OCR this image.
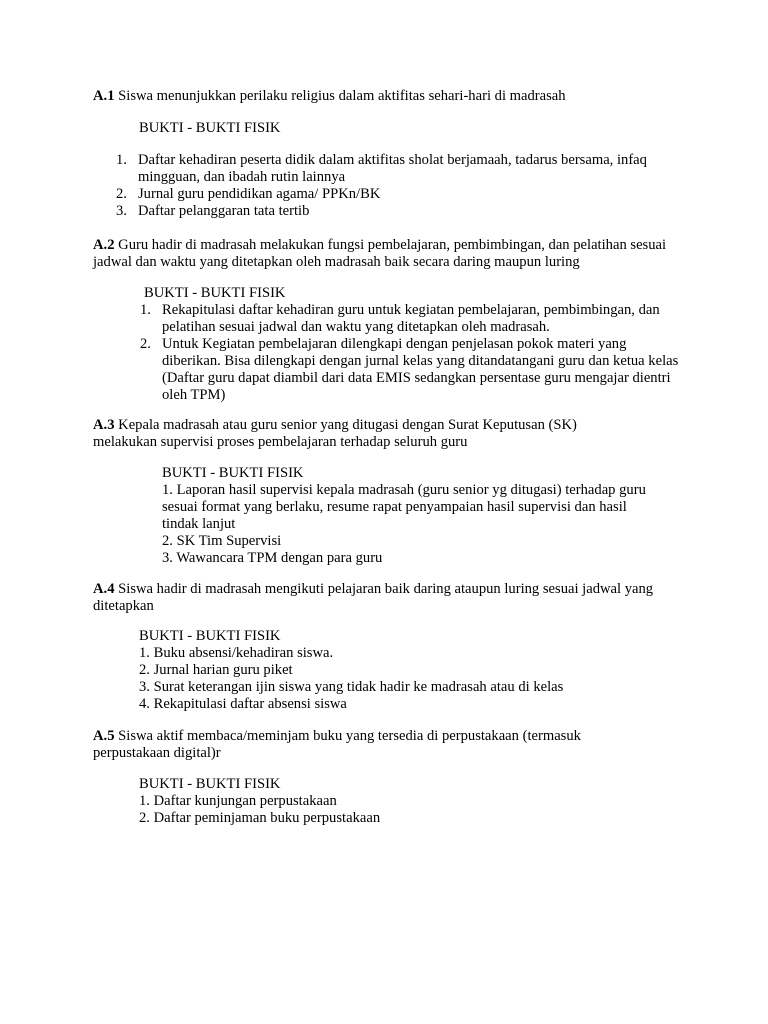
A.1 Siswa menunjukkan perilaku religius dalam aktifitas sehari-hari di madrasah

BUKTI - BUKTI FISIK

1. Daftar kehadiran peserta didik dalam aktifitas sholat berjamaah, tadarus bersama, infaq mingguan, dan ibadah rutin lainnya
2. Jurnal guru pendidikan agama/ PPKn/BK
3. Daftar pelanggaran tata tertib

A.2 Guru hadir di madrasah melakukan fungsi pembelajaran, pembimbingan, dan pelatihan sesuai jadwal dan waktu yang ditetapkan oleh madrasah baik secara daring maupun luring

BUKTI - BUKTI FISIK

1. Rekapitulasi daftar kehadiran guru untuk kegiatan pembelajaran, pembimbingan, dan pelatihan sesuai jadwal dan waktu yang ditetapkan oleh madrasah.
2. Untuk Kegiatan pembelajaran dilengkapi dengan penjelasan pokok materi yang diberikan. Bisa dilengkapi dengan jurnal kelas yang ditandatangani guru dan ketua kelas (Daftar guru dapat diambil dari data EMIS sedangkan persentase guru mengajar dientri oleh TPM)

A.3 Kepala madrasah atau guru senior yang ditugasi dengan Surat Keputusan (SK) melakukan supervisi proses pembelajaran terhadap seluruh guru

BUKTI - BUKTI FISIK
1. Laporan hasil supervisi kepala madrasah (guru senior yg ditugasi) terhadap guru sesuai format yang berlaku, resume rapat penyampaian hasil supervisi dan hasil tindak lanjut
2. SK Tim Supervisi
3. Wawancara TPM dengan para guru

A.4 Siswa hadir di madrasah mengikuti pelajaran baik daring ataupun luring sesuai jadwal yang ditetapkan

BUKTI - BUKTI FISIK
1. Buku absensi/kehadiran siswa.
2. Jurnal harian guru piket
3. Surat keterangan ijin siswa yang tidak hadir ke madrasah atau di kelas
4. Rekapitulasi daftar absensi siswa

A.5 Siswa aktif membaca/meminjam buku yang tersedia di perpustakaan (termasuk perpustakaan digital)r

BUKTI - BUKTI FISIK
1. Daftar kunjungan perpustakaan
2. Daftar peminjaman buku perpustakaan
